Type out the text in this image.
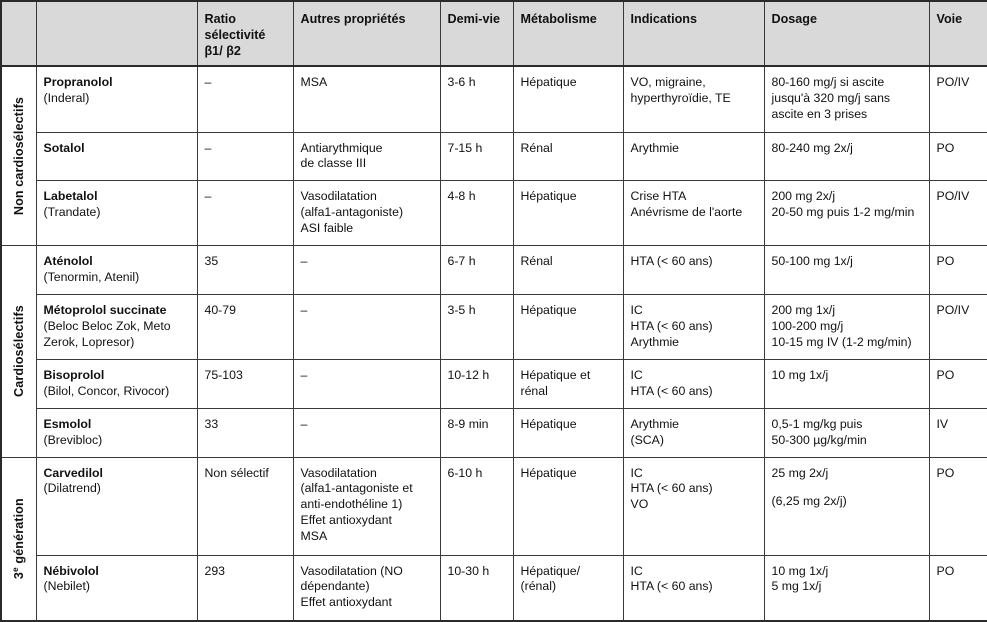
		Ratio
sélectivité
β1/ β2	Autres propriétés	Demi-vie	Métabolisme	Indications	Dosage	Voie

Non cardiosélectifs	Propranolol
(Inderal)	–	MSA	3-6 h	Hépatique	VO, migraine,
hyperthyroïdie, TE	80-160 mg/j si ascite
jusqu'à 320 mg/j sans
ascite en 3 prises	PO/IV

	Sotalol	–	Antiarythmique
de classe III	7-15 h	Rénal	Arythmie	80-240 mg 2x/j	PO

	Labetalol
(Trandate)	–	Vasodilatation
(alfa1-antagoniste)
ASI faible	4-8 h	Hépatique	Crise HTA
Anévrisme de l'aorte	200 mg 2x/j
20-50 mg puis 1-2 mg/min	PO/IV

Cardiosélectifs	Aténolol
(Tenormin, Atenil)	35	–	6-7 h	Rénal	HTA (< 60 ans)	50-100 mg 1x/j	PO

	Métoprolol succinate
(Beloc Beloc Zok, Meto Zerok, Lopresor)	40-79	–	3-5 h	Hépatique	IC
HTA (< 60 ans)
Arythmie	200 mg 1x/j
100-200 mg/j
10-15 mg IV (1-2 mg/min)	PO/IV

	Bisoprolol
(Bilol, Concor, Rivocor)	75-103	–	10-12 h	Hépatique et
rénal	IC
HTA (< 60 ans)	10 mg 1x/j	PO

	Esmolol
(Brevibloc)	33	–	8-9 min	Hépatique	Arythmie
(SCA)	0,5-1 mg/kg puis
50-300 µg/kg/min	IV

3e génération	Carvedilol
(Dilatrend)	Non sélectif	Vasodilatation
(alfa1-antagoniste et
anti-endothéline 1)
Effet antioxydant
MSA	6-10 h	Hépatique	IC
HTA (< 60 ans)
VO	25 mg 2x/j
(6,25 mg 2x/j)	PO

	Nébivolol
(Nebilet)	293	Vasodilatation (NO
dépendante)
Effet antioxydant	10-30 h	Hépatique/
(rénal)	IC
HTA (< 60 ans)	10 mg 1x/j
5 mg 1x/j	PO
